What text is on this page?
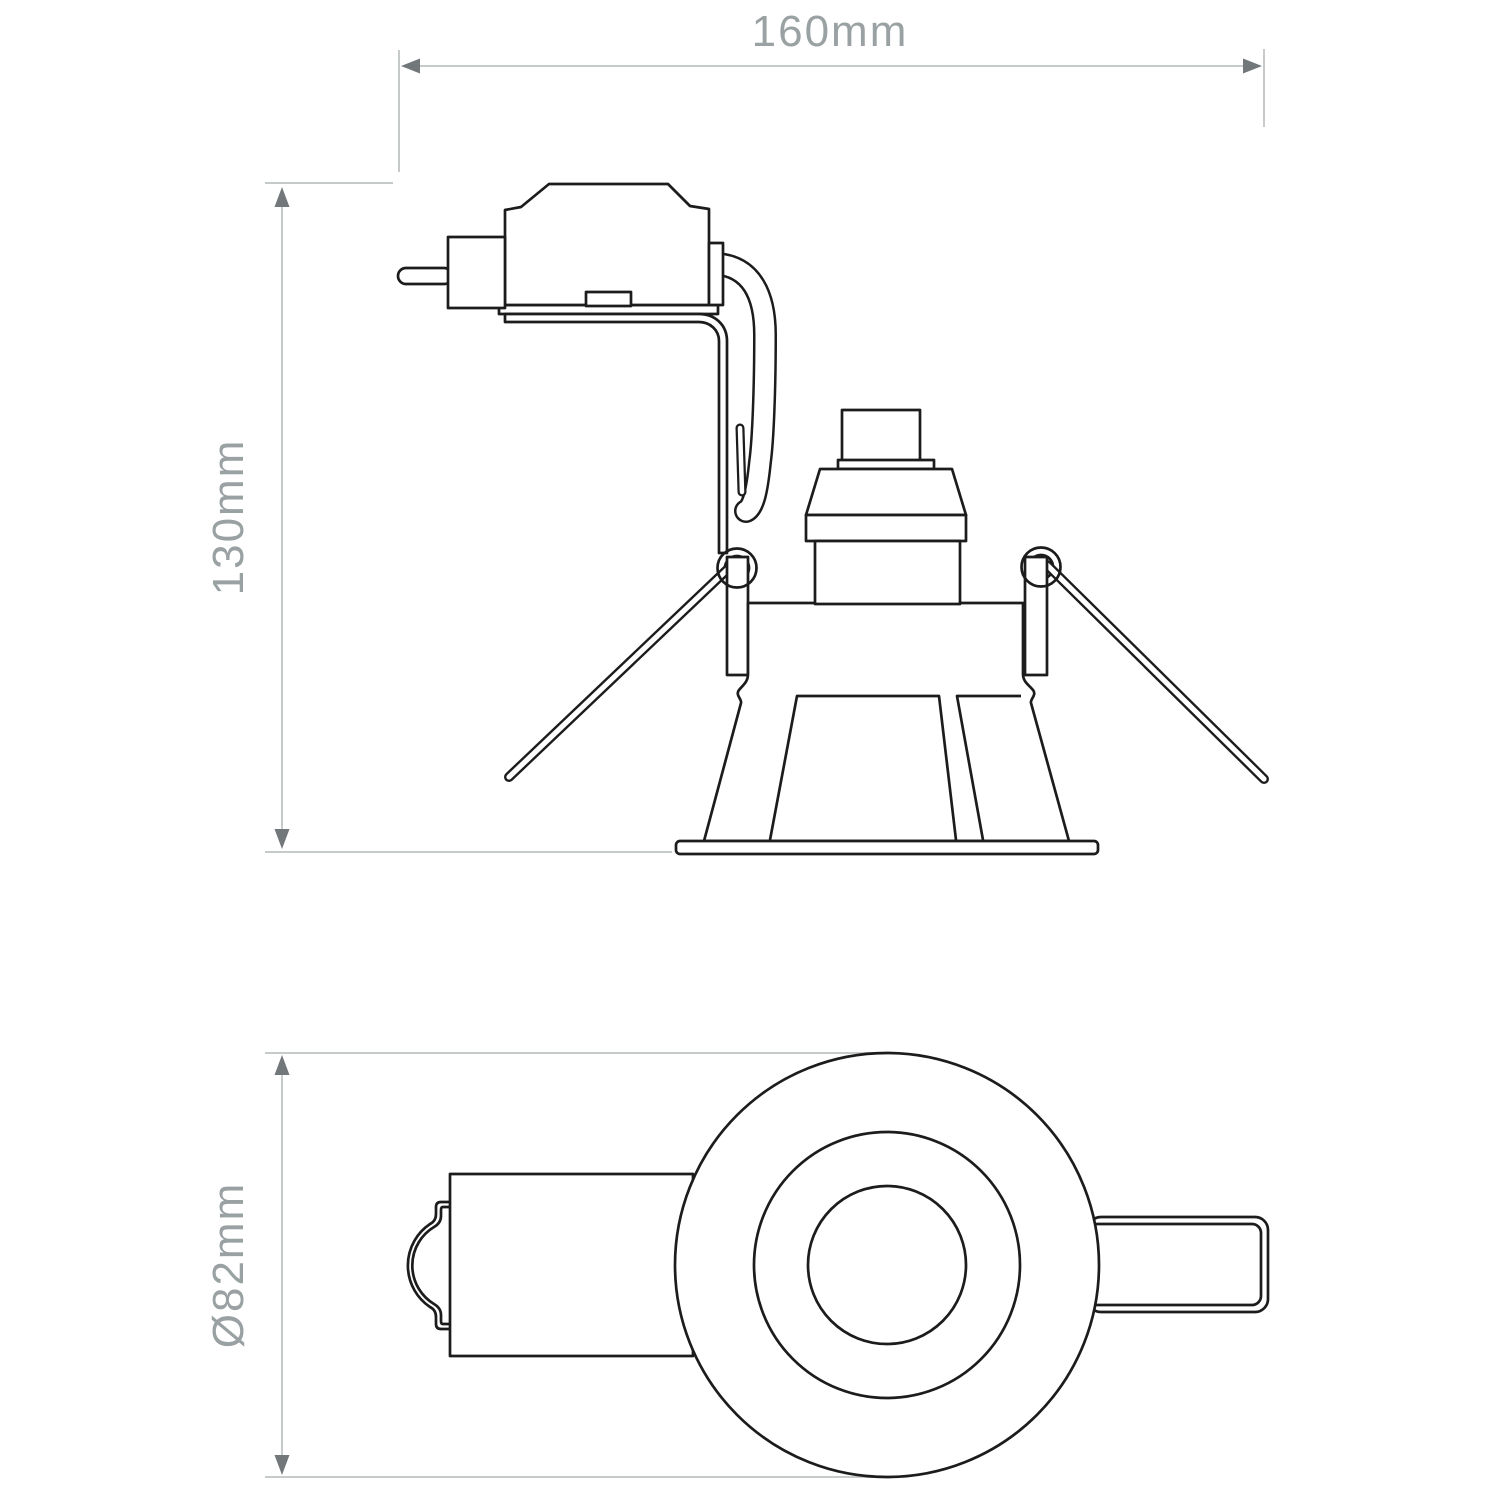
160mm
130mm
Ø82mm
